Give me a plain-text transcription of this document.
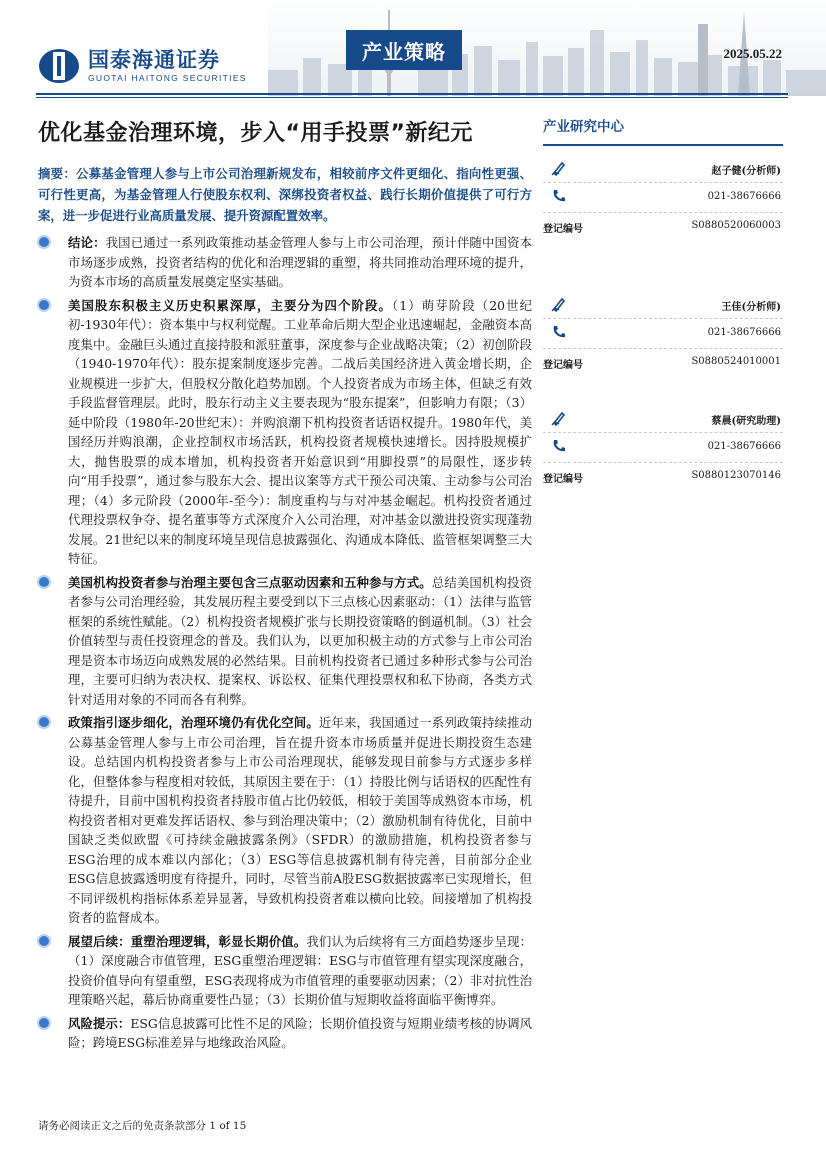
国泰海通证券
GUOTAI HAITONG SECURITIES
产业策略	2025.05.22
优化基金治理环境，步入“用手投票”新纪元
摘要：公募基金管理人参与上市公司治理新规发布，相较前序文件更细化、指向性更强、可行性更高，为基金管理人行使股东权利、深绑投资者权益、践行长期价值提供了可行方案，进一步促进行业高质量发展、提升资源配置效率。
结论：我国已通过一系列政策推动基金管理人参与上市公司治理，预计伴随中国资本市场逐步成熟，投资者结构的优化和治理逻辑的重塑，将共同推动治理环境的提升，为资本市场的高质量发展奠定坚实基础。
美国股东积极主义历史积累深厚，主要分为四个阶段。（1）萌芽阶段（20世纪初-1930年代）：资本集中与权利觉醒。工业革命后期大型企业迅速崛起，金融资本高度集中。金融巨头通过直接持股和派驻董事，深度参与企业战略决策；（2）初创阶段（1940-1970年代）：股东提案制度逐步完善。二战后美国经济进入黄金增长期，企业规模进一步扩大，但股权分散化趋势加剧。个人投资者成为市场主体，但缺乏有效手段监督管理层。此时，股东行动主义主要表现为“股东提案”，但影响力有限；（3）延中阶段（1980年-20世纪末）：并购浪潮下机构投资者话语权提升。1980年代，美国经历并购浪潮，企业控制权市场活跃，机构投资者规模快速增长。因持股规模扩大，抛售股票的成本增加，机构投资者开始意识到“用脚投票”的局限性，逐步转向“用手投票”，通过参与股东大会、提出议案等方式干预公司决策、主动参与公司治理；（4）多元阶段（2000年-至今）：制度重构与与对冲基金崛起。机构投资者通过代理投票权争夺、提名董事等方式深度介入公司治理，对冲基金以激进投资实现蓬勃发展。21世纪以来的制度环境呈现信息披露强化、沟通成本降低、监管框架调整三大特征。
美国机构投资者参与治理主要包含三点驱动因素和五种参与方式。总结美国机构投资者参与公司治理经验，其发展历程主要受到以下三点核心因素驱动：（1）法律与监管框架的系统性赋能。（2）机构投资者规模扩张与长期投资策略的倒逼机制。（3）社会价值转型与责任投资理念的普及。我们认为，以更加积极主动的方式参与上市公司治理是资本市场迈向成熟发展的必然结果。目前机构投资者已通过多种形式参与公司治理，主要可归纳为表决权、提案权、诉讼权、征集代理投票权和私下协商，各类方式针对适用对象的不同而各有利弊。
政策指引逐步细化，治理环境仍有优化空间。近年来，我国通过一系列政策持续推动公募基金管理人参与上市公司治理，旨在提升资本市场质量并促进长期投资生态建设。总结国内机构投资者参与上市公司治理现状，能够发现目前参与方式逐步多样化，但整体参与程度相对较低，其原因主要在于：（1）持股比例与话语权的匹配性有待提升，目前中国机构投资者持股市值占比仍较低，相较于美国等成熟资本市场，机构投资者相对更难发挥话语权、参与到治理决策中；（2）激励机制有待优化，目前中国缺乏类似欧盟《可持续金融披露条例》（SFDR）的激励措施，机构投资者参与ESG治理的成本难以内部化；（3）ESG等信息披露机制有待完善，目前部分企业ESG信息披露透明度有待提升，同时，尽管当前A股ESG数据披露率已实现增长，但不同评级机构指标体系差异显著，导致机构投资者难以横向比较。间接增加了机构投资者的监督成本。
展望后续：重塑治理逻辑，彰显长期价值。我们认为后续将有三方面趋势逐步呈现：（1）深度融合市值管理，ESG重塑治理逻辑：ESG与市值管理有望实现深度融合，投资价值导向有望重塑，ESG表现将成为市值管理的重要驱动因素；（2）非对抗性治理策略兴起，幕后协商重要性凸显；（3）长期价值与短期收益将面临平衡博弈。
风险提示：ESG信息披露可比性不足的风险；长期价值投资与短期业绩考核的协调风险；跨境ESG标准差异与地缘政治风险。
产业研究中心
赵子健(分析师)
021-38676666
登记编号	S0880520060003
王佳(分析师)
021-38676666
登记编号	S0880524010001
蔡晨(研究助理)
021-38676666
登记编号	S0880123070146
请务必阅读正文之后的免责条款部分 1 of 15
